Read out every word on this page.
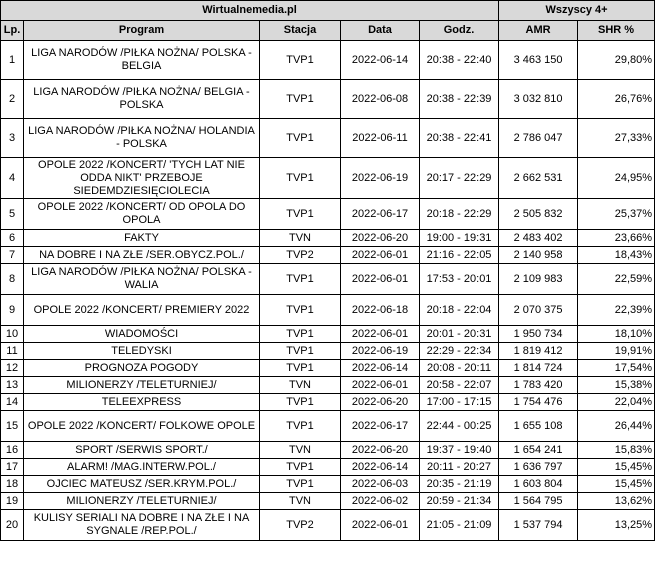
Wirtualnemedia.pl					Wszyscy 4+	
Lp.	Program	Stacja	Data	Godz.	AMR	SHR %
1	LIGA NARODÓW /PIŁKA NOŻNA/ POLSKA - BELGIA	TVP1	2022-06-14	20:38 - 22:40	3 463 150	29,80%
2	LIGA NARODÓW /PIŁKA NOŻNA/ BELGIA - POLSKA	TVP1	2022-06-08	20:38 - 22:39	3 032 810	26,76%
3	LIGA NARODÓW /PIŁKA NOŻNA/ HOLANDIA - POLSKA	TVP1	2022-06-11	20:38 - 22:41	2 786 047	27,33%
4	OPOLE 2022 /KONCERT/ 'TYCH LAT NIE ODDA NIKT' PRZEBOJE SIEDEMDZIESIĘCIOLECIA	TVP1	2022-06-19	20:17 - 22:29	2 662 531	24,95%
5	OPOLE 2022 /KONCERT/ OD OPOLA DO OPOLA	TVP1	2022-06-17	20:18 - 22:29	2 505 832	25,37%
6	FAKTY	TVN	2022-06-20	19:00 - 19:31	2 483 402	23,66%
7	NA DOBRE I NA ZŁE /SER.OBYCZ.POL./	TVP2	2022-06-01	21:16 - 22:05	2 140 958	18,43%
8	LIGA NARODÓW /PIŁKA NOŻNA/ POLSKA - WALIA	TVP1	2022-06-01	17:53 - 20:01	2 109 983	22,59%
9	OPOLE 2022 /KONCERT/ PREMIERY 2022	TVP1	2022-06-18	20:18 - 22:04	2 070 375	22,39%
10	WIADOMOŚCI	TVP1	2022-06-01	20:01 - 20:31	1 950 734	18,10%
11	TELEDYSKI	TVP1	2022-06-19	22:29 - 22:34	1 819 412	19,91%
12	PROGNOZA POGODY	TVP1	2022-06-14	20:08 - 20:11	1 814 724	17,54%
13	MILIONERZY /TELETURNIEJ/	TVN	2022-06-01	20:58 - 22:07	1 783 420	15,38%
14	TELEEXPRESS	TVP1	2022-06-20	17:00 - 17:15	1 754 476	22,04%
15	OPOLE 2022 /KONCERT/ FOLKOWE OPOLE	TVP1	2022-06-17	22:44 - 00:25	1 655 108	26,44%
16	SPORT /SERWIS SPORT./	TVN	2022-06-20	19:37 - 19:40	1 654 241	15,83%
17	ALARM! /MAG.INTERW.POL./	TVP1	2022-06-14	20:11 - 20:27	1 636 797	15,45%
18	OJCIEC MATEUSZ /SER.KRYM.POL./	TVP1	2022-06-03	20:35 - 21:19	1 603 804	15,45%
19	MILIONERZY /TELETURNIEJ/	TVN	2022-06-02	20:59 - 21:34	1 564 795	13,62%
20	KULISY SERIALI NA DOBRE I NA ZŁE I NA SYGNALE /REP.POL./	TVP2	2022-06-01	21:05 - 21:09	1 537 794	13,25%
